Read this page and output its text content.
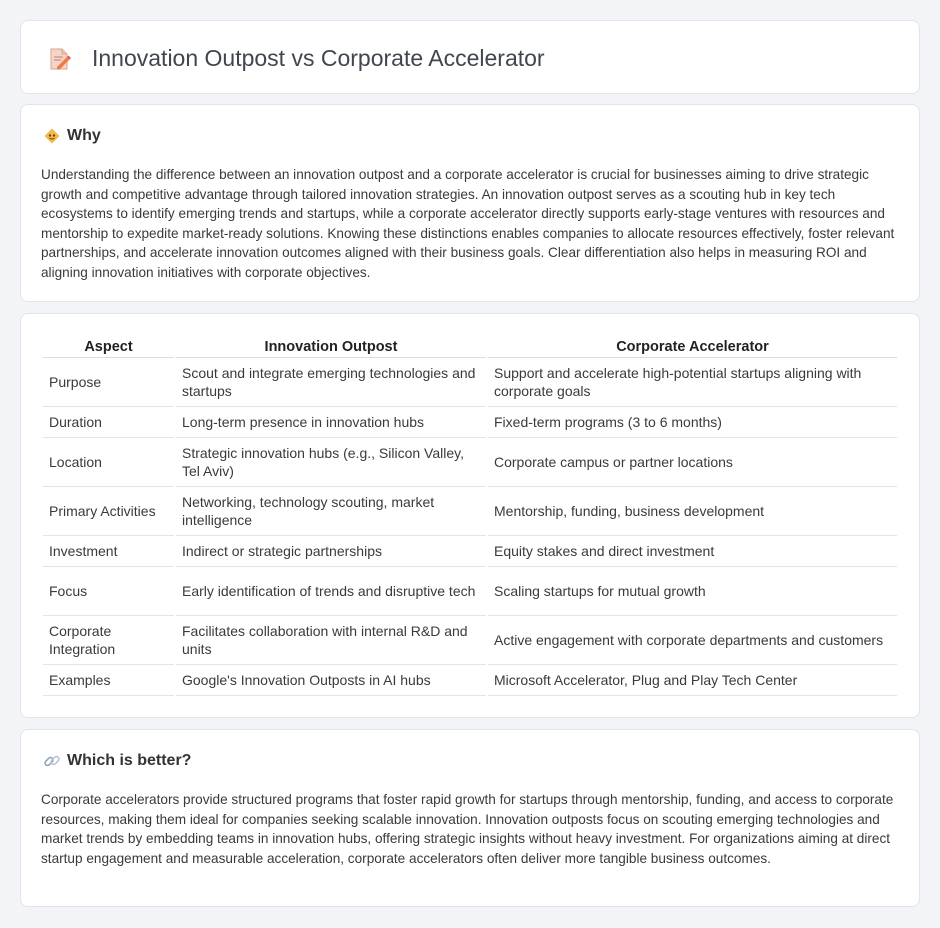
Innovation Outpost vs Corporate Accelerator
Why

Understanding the difference between an innovation outpost and a corporate accelerator is crucial for businesses aiming to drive strategic growth and competitive advantage through tailored innovation strategies. An innovation outpost serves as a scouting hub in key tech ecosystems to identify emerging trends and startups, while a corporate accelerator directly supports early-stage ventures with resources and mentorship to expedite market-ready solutions. Knowing these distinctions enables companies to allocate resources effectively, foster relevant partnerships, and accelerate innovation outcomes aligned with their business goals. Clear differentiation also helps in measuring ROI and aligning innovation initiatives with corporate objectives.

Aspect	Innovation Outpost	Corporate Accelerator
Purpose	Scout and integrate emerging technologies and startups	Support and accelerate high-potential startups aligning with corporate goals
Duration	Long-term presence in innovation hubs	Fixed-term programs (3 to 6 months)
Location	Strategic innovation hubs (e.g., Silicon Valley, Tel Aviv)	Corporate campus or partner locations
Primary Activities	Networking, technology scouting, market intelligence	Mentorship, funding, business development
Investment	Indirect or strategic partnerships	Equity stakes and direct investment
Focus	Early identification of trends and disruptive tech	Scaling startups for mutual growth
Corporate Integration	Facilitates collaboration with internal R&D and units	Active engagement with corporate departments and customers
Examples	Google's Innovation Outposts in AI hubs	Microsoft Accelerator, Plug and Play Tech Center
Which is better?

Corporate accelerators provide structured programs that foster rapid growth for startups through mentorship, funding, and access to corporate resources, making them ideal for companies seeking scalable innovation. Innovation outposts focus on scouting emerging technologies and market trends by embedding teams in innovation hubs, offering strategic insights without heavy investment. For organizations aiming at direct startup engagement and measurable acceleration, corporate accelerators often deliver more tangible business outcomes.
